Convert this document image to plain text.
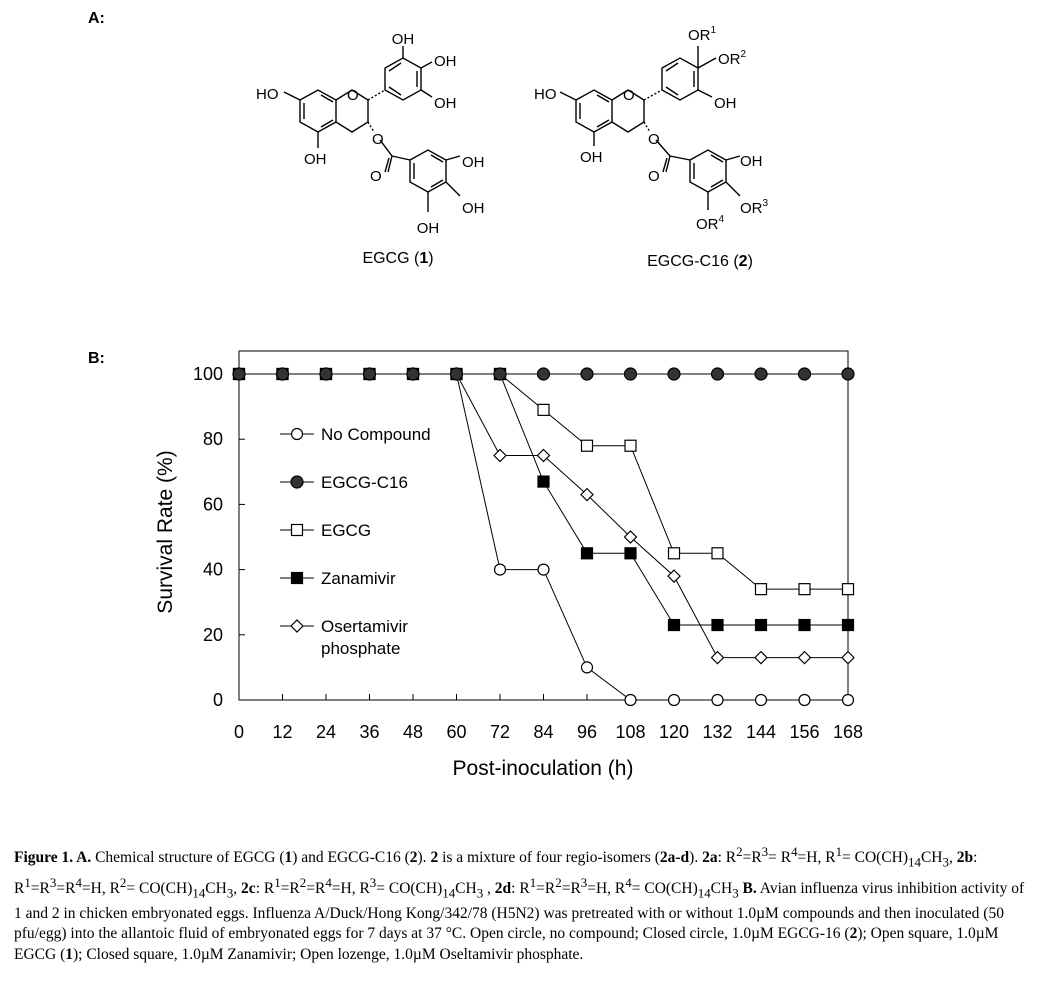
A:
B:
OH
OH
OH
HO
OH	OH
OH
OH
O
O
O
EGCG (1)
$OR^1$
$OR^2$
OH
HO
OH	OH
$OR^3$
$OR^4$
O
O
O
EGCG-C16 (2)
0
20
40
60
80
100
0 12 24 36 48 60 72 84 96 108 120 132 144 156 168
Post-inoculation (h)
Survival Rate (%)
No Compound
EGCG-C16
EGCG
Zanamivir
Osertamivir
phosphate
Figure 1. A. Chemical structure of EGCG (1) and EGCG-C16 (2). 2 is a mixture of four regio-isomers (2a-d). 2a: $R^2=R^3= R^4=H$, $R^1= CO(CH)_{14}CH_3$, 2b: $R^1=R^3=R^4=H$, $R^2= CO(CH)_{14}CH_3$, 2c: $R^1=R^2=R^4=H$, $R^3= CO(CH)_{14}CH_3$ , 2d: $R^1=R^2=R^3=H$, $R^4= CO(CH)_{14}CH_3$ B. Avian influenza virus inhibition activity of 1 and 2 in chicken embryonated eggs. Influenza A/Duck/Hong Kong/342/78 (H5N2) was pretreated with or without 1.0µM compounds and then inoculated (50 pfu/egg) into the allantoic fluid of embryonated eggs for 7 days at 37 °C. Open circle, no compound; Closed circle, 1.0µM EGCG-16 (2); Open square, 1.0µM EGCG (1); Closed square, 1.0µM Zanamivir; Open lozenge, 1.0µM Oseltamivir phosphate.
